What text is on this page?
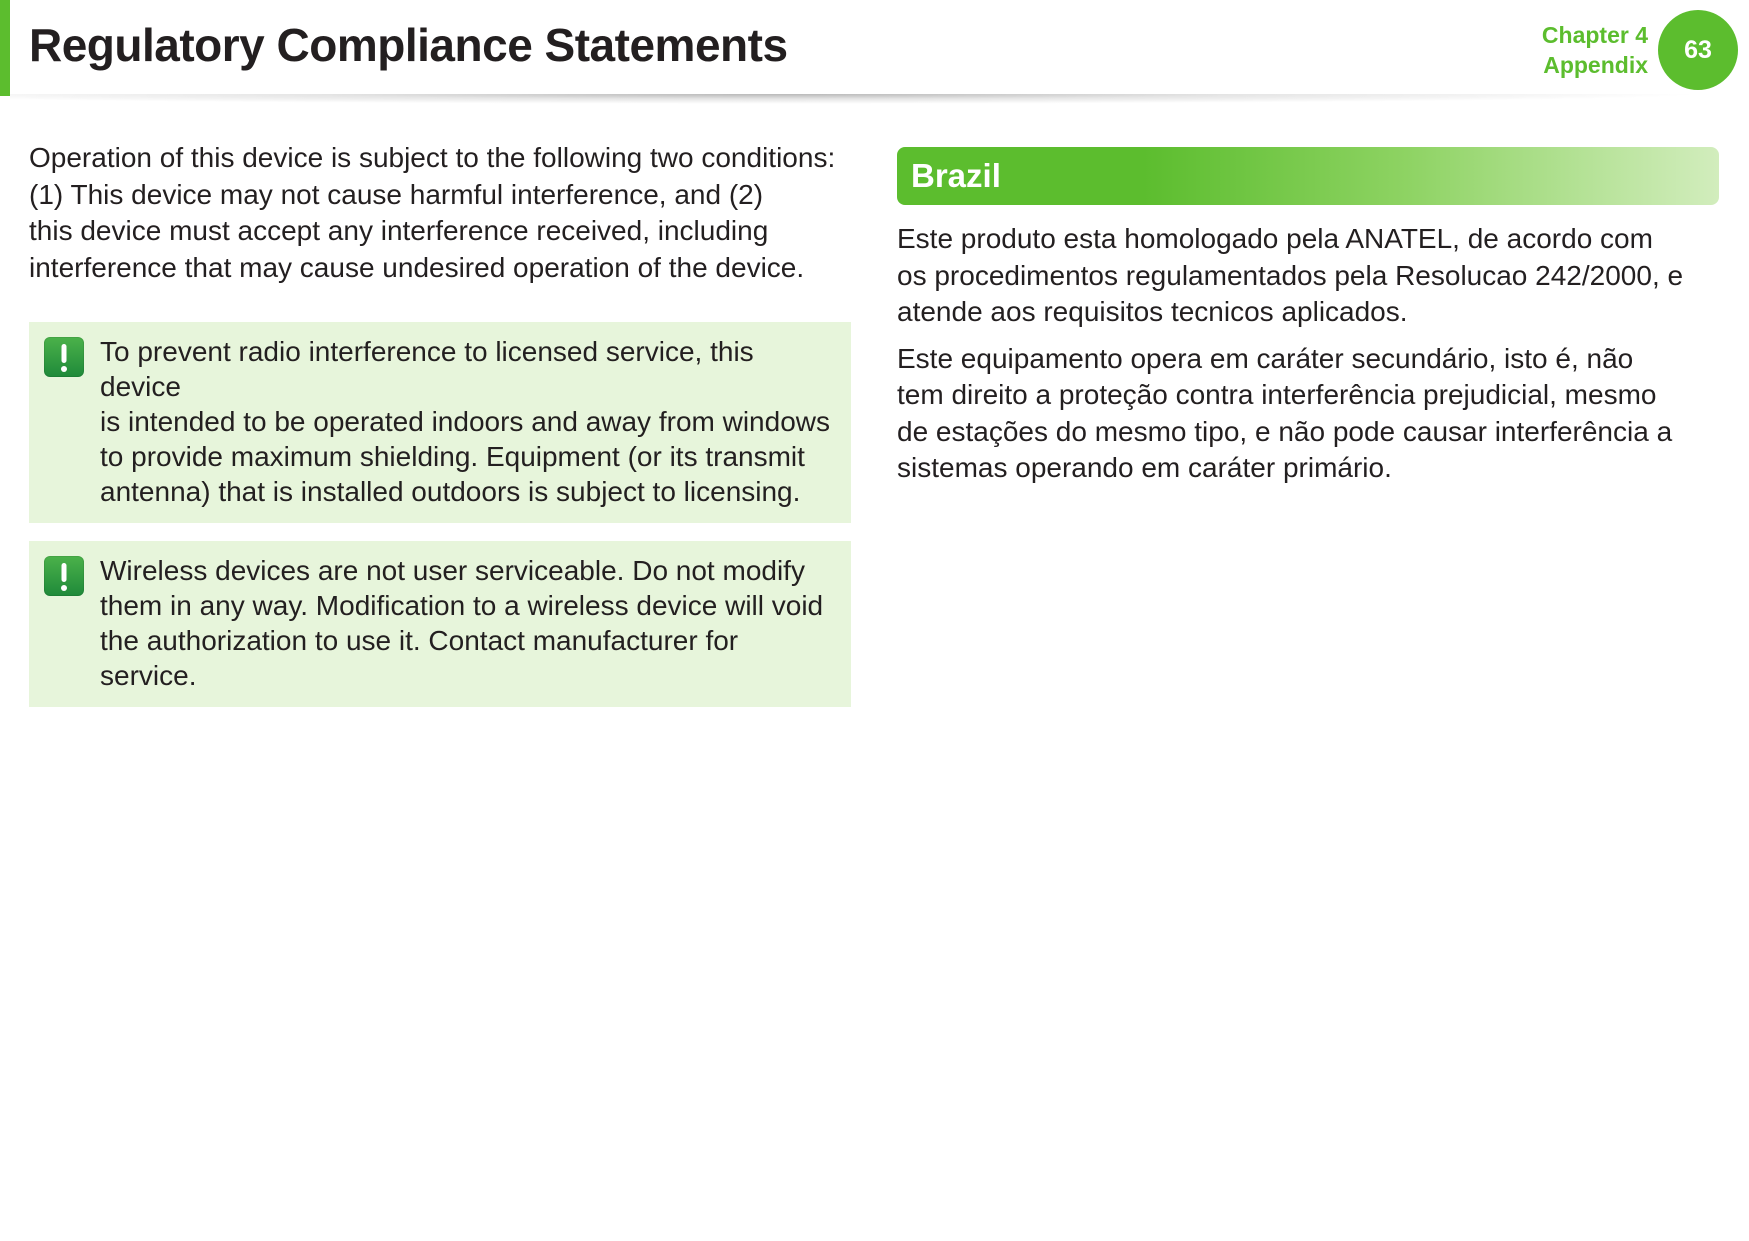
Regulatory Compliance Statements	Chapter 4
Appendix
63

Operation of this device is subject to the following two conditions:
(1) This device may not cause harmful interference, and (2)
this device must accept any interference received, including
interference that may cause undesired operation of the device.

To prevent radio interference to licensed service, this device
is intended to be operated indoors and away from windows
to provide maximum shielding. Equipment (or its transmit
antenna) that is installed outdoors is subject to licensing.

Wireless devices are not user serviceable. Do not modify
them in any way. Modification to a wireless device will void
the authorization to use it. Contact manufacturer for service.

Brazil

Este produto esta homologado pela ANATEL, de acordo com
os procedimentos regulamentados pela Resolucao 242/2000, e
atende aos requisitos tecnicos aplicados.

Este equipamento opera em caráter secundário, isto é, não
tem direito a proteção contra interferência prejudicial, mesmo
de estações do mesmo tipo, e não pode causar interferência a
sistemas operando em caráter primário.
